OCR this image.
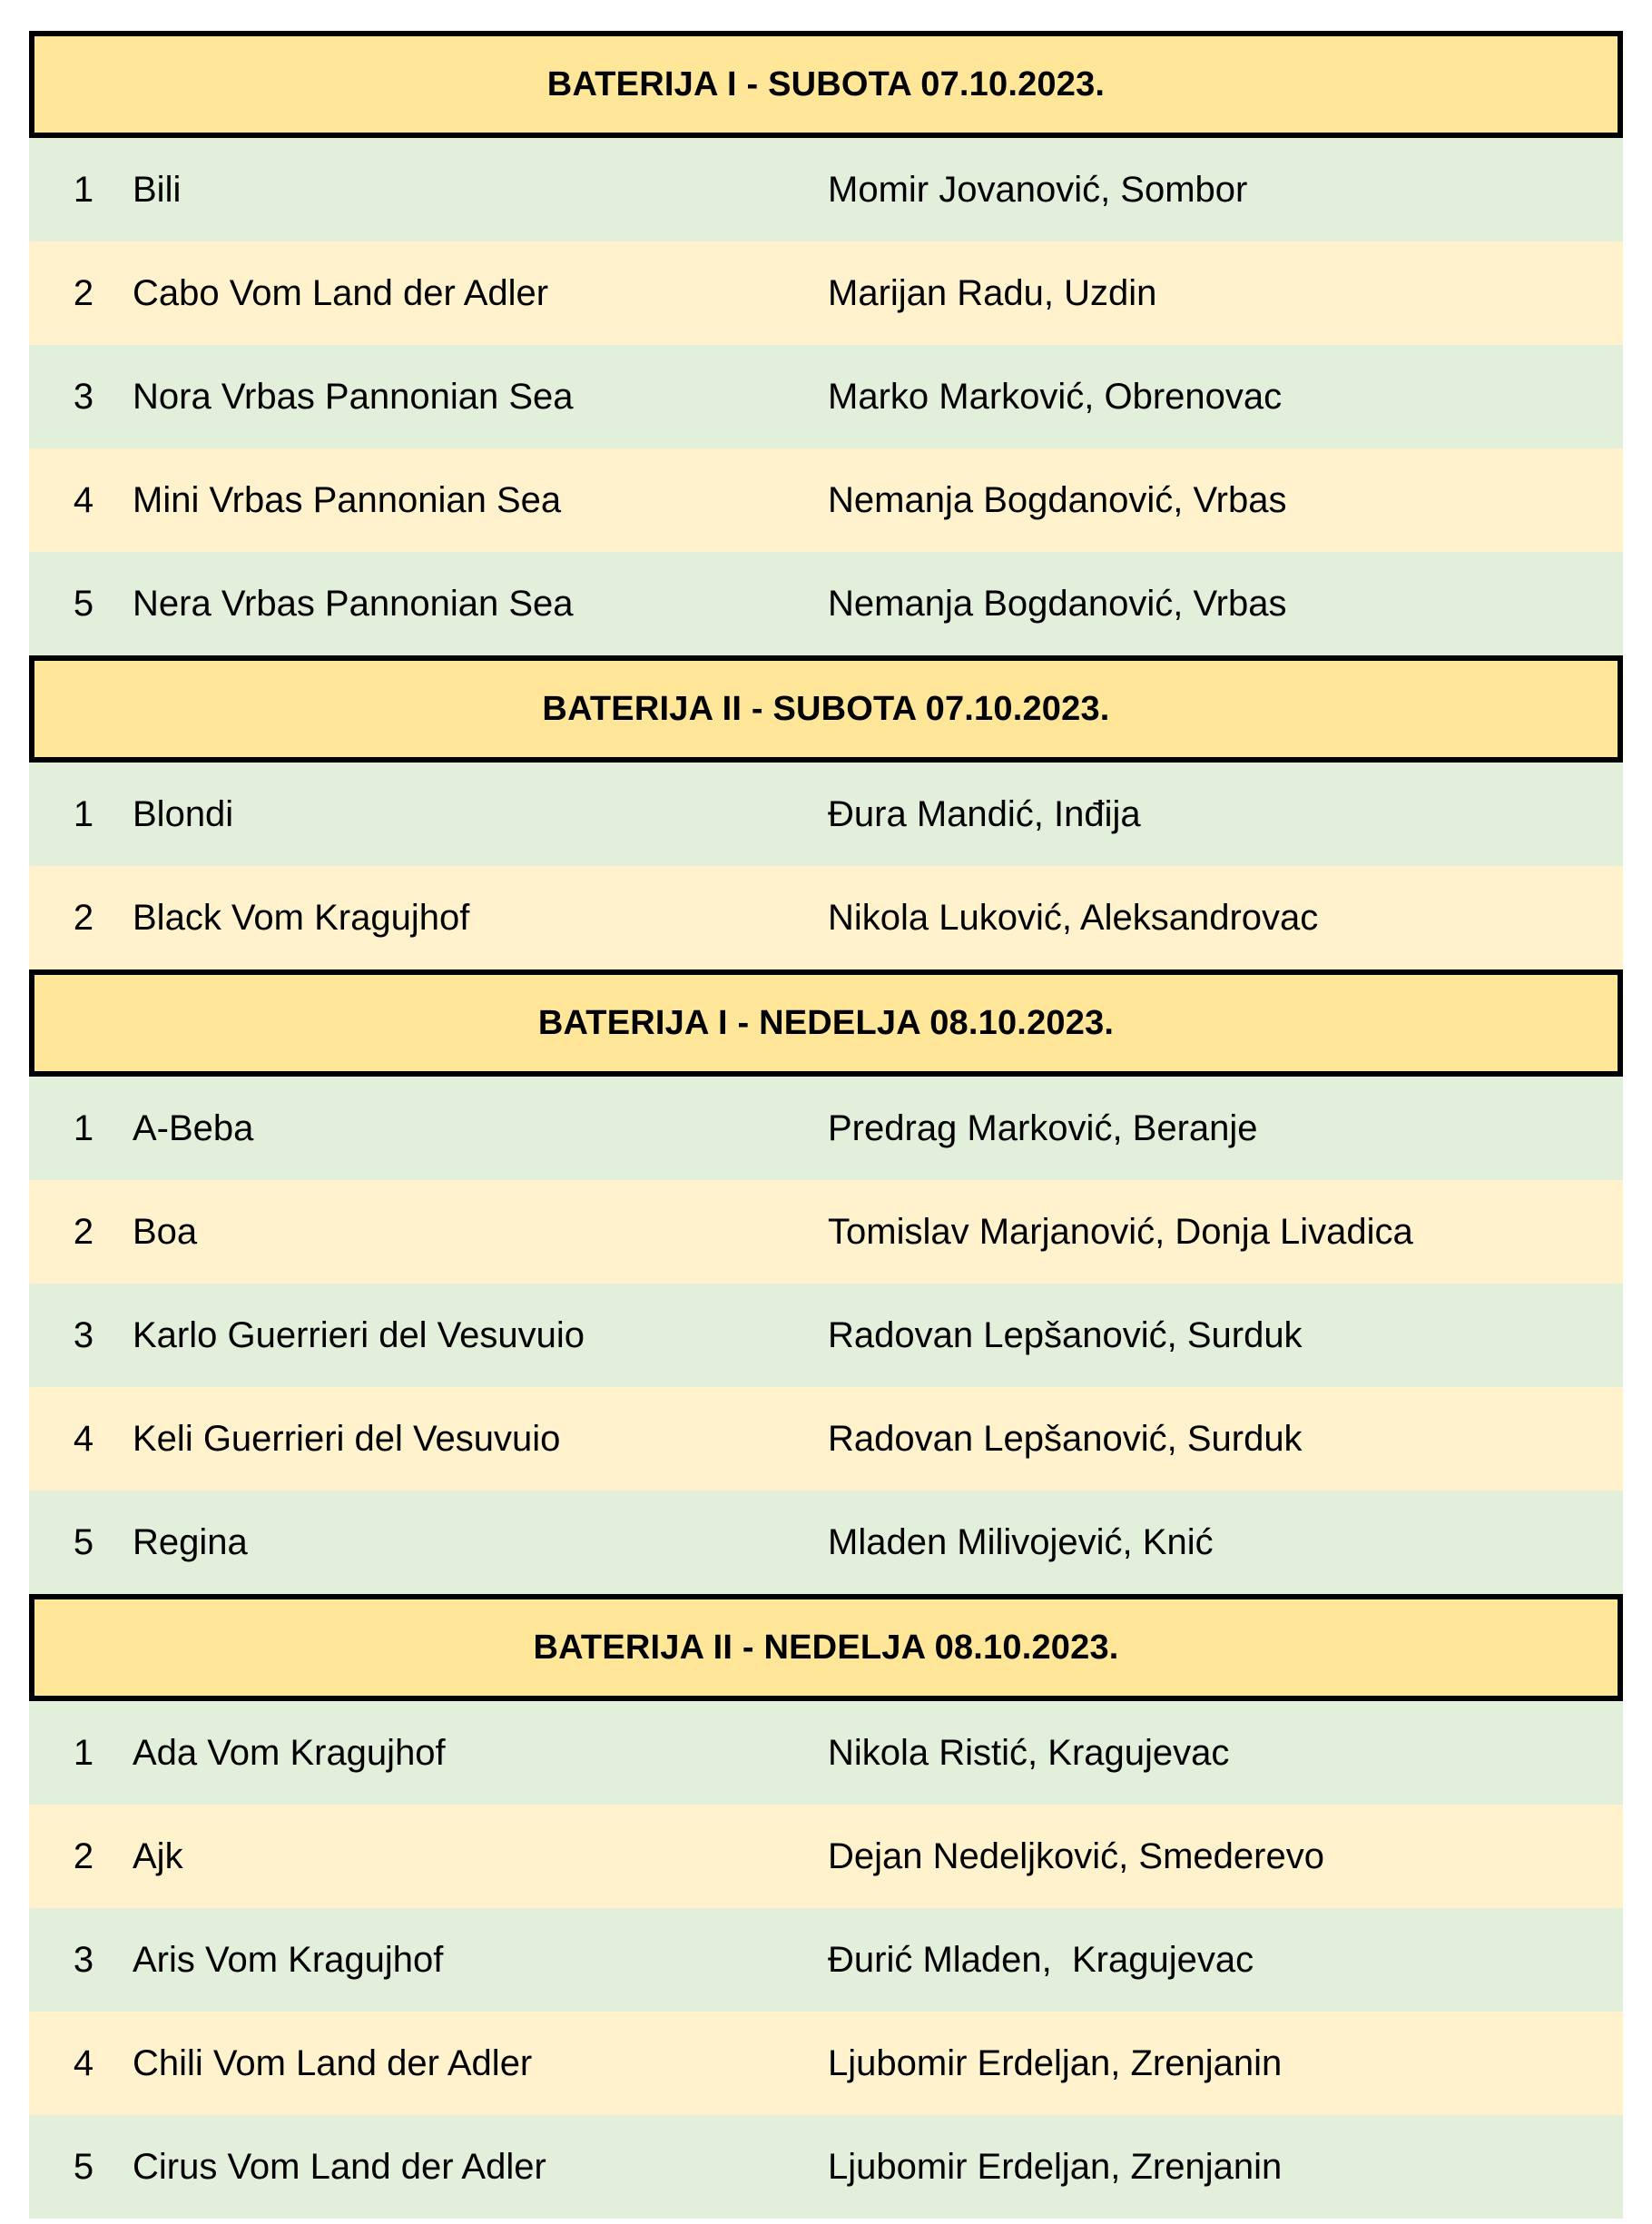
BATERIJA I - SUBOTA 07.10.2023.
1	Bili	Momir Jovanović, Sombor
2	Cabo Vom Land der Adler	Marijan Radu, Uzdin
3	Nora Vrbas Pannonian Sea	Marko Marković, Obrenovac
4	Mini Vrbas Pannonian Sea	Nemanja Bogdanović, Vrbas
5	Nera Vrbas Pannonian Sea	Nemanja Bogdanović, Vrbas
BATERIJA II - SUBOTA 07.10.2023.
1	Blondi	Đura Mandić, Inđija
2	Black Vom Kragujhof	Nikola Luković, Aleksandrovac
BATERIJA I - NEDELJA 08.10.2023.
1	A-Beba	Predrag Marković, Beranje
2	Boa	Tomislav Marjanović, Donja Livadica
3	Karlo Guerrieri del Vesuvuio	Radovan Lepšanović, Surduk
4	Keli Guerrieri del Vesuvuio	Radovan Lepšanović, Surduk
5	Regina	Mladen Milivojević, Knić
BATERIJA II - NEDELJA 08.10.2023.
1	Ada Vom Kragujhof	Nikola Ristić, Kragujevac
2	Ajk	Dejan Nedeljković, Smederevo
3	Aris Vom Kragujhof	Đurić Mladen,  Kragujevac
4	Chili Vom Land der Adler	Ljubomir Erdeljan, Zrenjanin
5	Cirus Vom Land der Adler	Ljubomir Erdeljan, Zrenjanin
